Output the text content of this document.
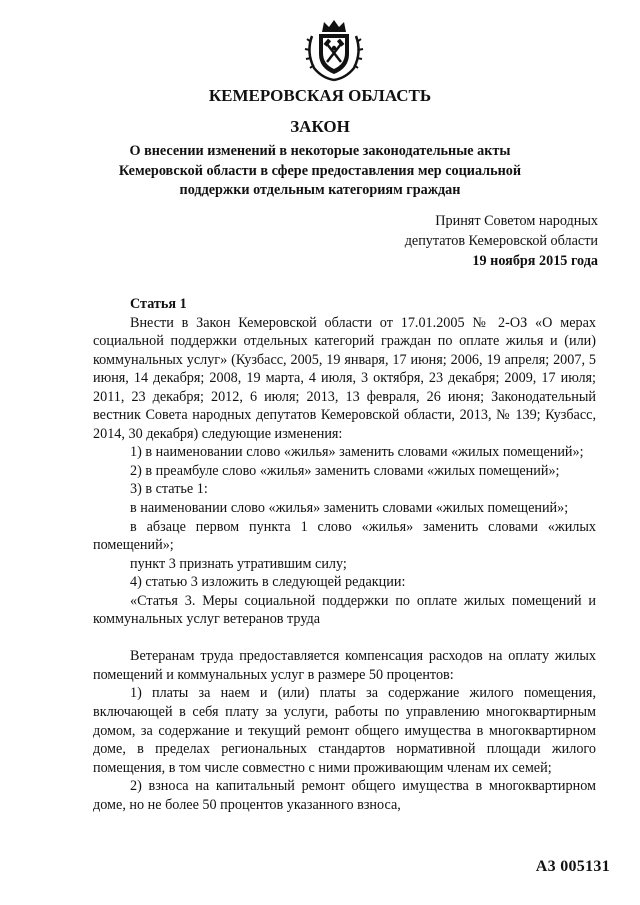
КЕМЕРОВСКАЯ ОБЛАСТЬ
ЗАКОН
О внесении изменений в некоторые законодательные акты
Кемеровской области в сфере предоставления мер социальной
поддержки отдельным категориям граждан
Принят Советом народных
депутатов Кемеровской области
19 ноября 2015 года

Статья 1

Внести в Закон Кемеровской области от 17.01.2005 № 2-ОЗ «О мерах социальной поддержки отдельных категорий граждан по оплате жилья и (или) коммунальных услуг» (Кузбасс, 2005, 19 января, 17 июня; 2006, 19 апреля; 2007, 5 июня, 14 декабря; 2008, 19 марта, 4 июля, 3 октября, 23 декабря; 2009, 17 июля; 2011, 23 декабря; 2012, 6 июля; 2013, 13 февраля, 26 июня; Законодательный вестник Совета народных депутатов Кемеровской области, 2013, № 139; Кузбасс, 2014, 30 декабря) следующие изменения:

1) в наименовании слово «жилья» заменить словами «жилых помещений»;

2) в преамбуле слово «жилья» заменить словами «жилых помещений»;

3) в статье 1:

в наименовании слово «жилья» заменить словами «жилых помещений»;

в абзаце первом пункта 1 слово «жилья» заменить словами «жилых помещений»;

пункт 3 признать утратившим силу;

4) статью 3 изложить в следующей редакции:

«Статья 3. Меры социальной поддержки по оплате жилых помещений и коммунальных услуг ветеранов труда

Ветеранам труда предоставляется компенсация расходов на оплату жилых помещений и коммунальных услуг в размере 50 процентов:

1) платы за наем и (или) платы за содержание жилого помещения, включающей в себя плату за услуги, работы по управлению многоквартирным домом, за содержание и текущий ремонт общего имущества в многоквартирном доме, в пределах региональных стандартов нормативной площади жилого помещения, в том числе совместно с ними проживающим членам их семей;

2) взноса на капитальный ремонт общего имущества в многоквартирном доме, но не более 50 процентов указанного взноса,

А3 005131
